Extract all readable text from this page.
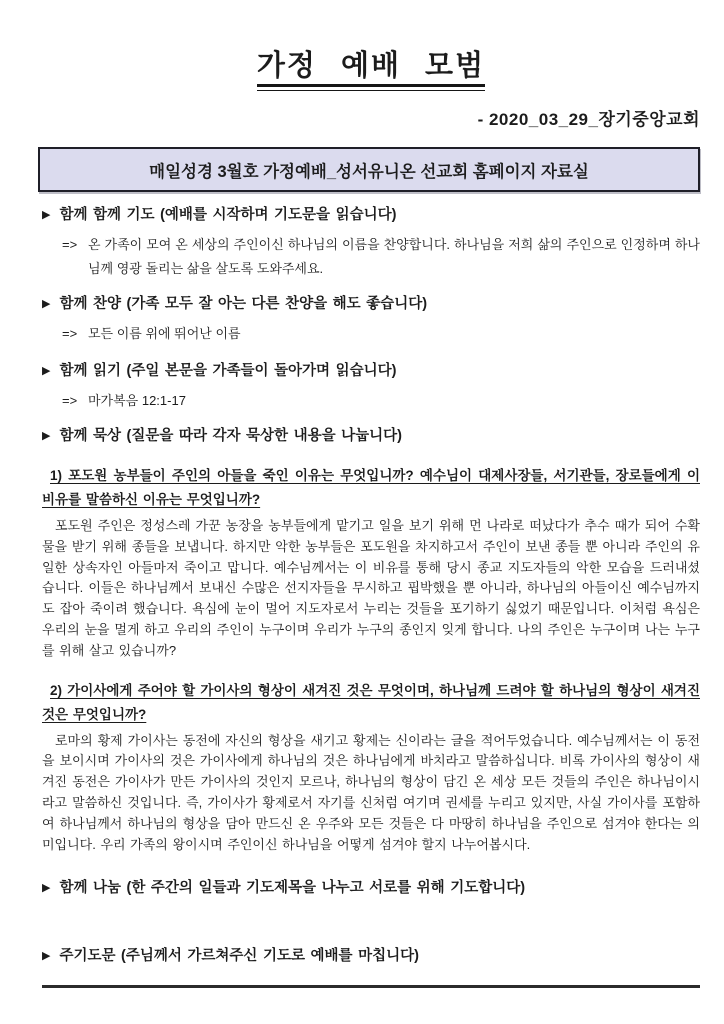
가정 예배 모범
- 2020_03_29_장기중앙교회
매일성경 3월호 가정예배_성서유니온 선교회 홈페이지 자료실
▶ 함께 함께 기도 (예배를 시작하며 기도문을 읽습니다)
=> 온 가족이 모여 온 세상의 주인이신 하나님의 이름을 찬양합니다. 하나님을 저희 삶의 주인으로 인정하며 하나님께 영광 돌리는 삶을 살도록 도와주세요.
▶ 함께 찬양 (가족 모두 잘 아는 다른 찬양을 해도 좋습니다)
=> 모든 이름 위에 뛰어난 이름
▶ 함께 읽기 (주일 본문을 가족들이 돌아가며 읽습니다)
=> 마가복음 12:1-17
▶ 함께 묵상 (질문을 따라 각자 묵상한 내용을 나눕니다)

1) 포도원 농부들이 주인의 아들을 죽인 이유는 무엇입니까? 예수님이 대제사장들, 서기관들, 장로들에게 이 비유를 말씀하신 이유는 무엇입니까?

포도원 주인은 정성스레 가꾼 농장을 농부들에게 맡기고 일을 보기 위해 먼 나라로 떠났다가 추수 때가 되어 수확물을 받기 위해 종들을 보냅니다. 하지만 악한 농부들은 포도원을 차지하고서 주인이 보낸 종들 뿐 아니라 주인의 유일한 상속자인 아들마저 죽이고 맙니다. 예수님께서는 이 비유를 통해 당시 종교 지도자들의 악한 모습을 드러내셨습니다. 이들은 하나님께서 보내신 수많은 선지자들을 무시하고 핍박했을 뿐 아니라, 하나님의 아들이신 예수님까지도 잡아 죽이려 했습니다. 욕심에 눈이 멀어 지도자로서 누리는 것들을 포기하기 싫었기 때문입니다. 이처럼 욕심은 우리의 눈을 멀게 하고 우리의 주인이 누구이며 우리가 누구의 종인지 잊게 합니다. 나의 주인은 누구이며 나는 누구를 위해 살고 있습니까?

2) 가이사에게 주어야 할 가이사의 형상이 새겨진 것은 무엇이며, 하나님께 드려야 할 하나님의 형상이 새겨진 것은 무엇입니까?

로마의 황제 가이사는 동전에 자신의 형상을 새기고 황제는 신이라는 글을 적어두었습니다. 예수님께서는 이 동전을 보이시며 가이사의 것은 가이사에게 하나님의 것은 하나님에게 바치라고 말씀하십니다. 비록 가이사의 형상이 새겨진 동전은 가이사가 만든 가이사의 것인지 모르나, 하나님의 형상이 담긴 온 세상 모든 것들의 주인은 하나님이시라고 말씀하신 것입니다. 즉, 가이사가 황제로서 자기를 신처럼 여기며 권세를 누리고 있지만, 사실 가이사를 포함하여 하나님께서 하나님의 형상을 담아 만드신 온 우주와 모든 것들은 다 마땅히 하나님을 주인으로 섬겨야 한다는 의미입니다. 우리 가족의 왕이시며 주인이신 하나님을 어떻게 섬겨야 할지 나누어봅시다.

▶ 함께 나눔 (한 주간의 일들과 기도제목을 나누고 서로를 위해 기도합니다)
▶ 주기도문 (주님께서 가르쳐주신 기도로 예배를 마칩니다)
